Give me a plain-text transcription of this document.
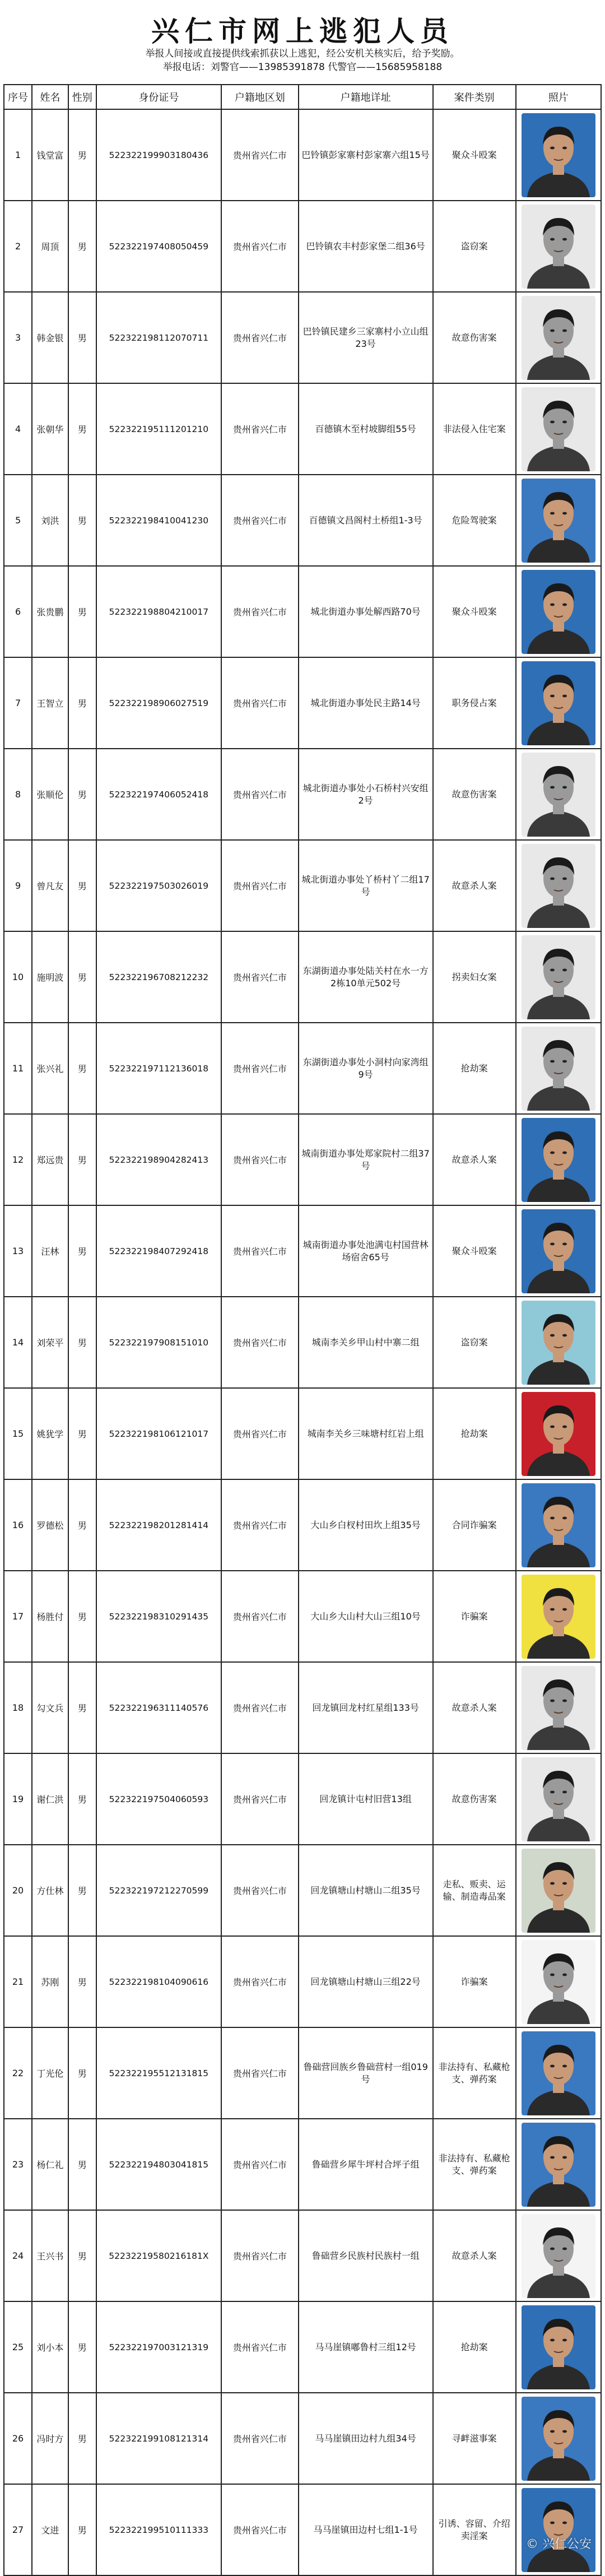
兴仁市网上逃犯人员
举报人间接或直接提供线索抓获以上逃犯，经公安机关核实后，给予奖励。
举报电话：刘警官——13985391878 代警官——15685958188
序号	姓名	性别	身份证号	户籍地区划	户籍地详址	案件类别	照片
1	钱堂富	男	522322199903180436	贵州省兴仁市	巴铃镇彭家寨村彭家寨六组15号	聚众斗殴案	

2	周顶	男	522322197408050459	贵州省兴仁市	巴铃镇农丰村彭家堡二组36号	盗窃案	

3	韩金银	男	522322198112070711	贵州省兴仁市	巴铃镇民建乡三家寨村小立山组23号	故意伤害案	

4	张朝华	男	522322195111201210	贵州省兴仁市	百德镇木至村坡脚组55号	非法侵入住宅案	

5	刘洪	男	522322198410041230	贵州省兴仁市	百德镇文昌阁村土桥组1-3号	危险驾驶案	

6	张贵鹏	男	522322198804210017	贵州省兴仁市	城北街道办事处解西路70号	聚众斗殴案	

7	王智立	男	522322198906027519	贵州省兴仁市	城北街道办事处民主路14号	职务侵占案	

8	张顺伦	男	522322197406052418	贵州省兴仁市	城北街道办事处小石桥村兴安组2号	故意伤害案	

9	曾凡友	男	522322197503026019	贵州省兴仁市	城北街道办事处丫桥村丫二组17号	故意杀人案	

10	施明波	男	522322196708212232	贵州省兴仁市	东湖街道办事处陆关村在水一方2栋10单元502号	拐卖妇女案	

11	张兴礼	男	522322197112136018	贵州省兴仁市	东湖街道办事处小洞村向家湾组9号	抢劫案	

12	郑远贵	男	522322198904282413	贵州省兴仁市	城南街道办事处郑家院村二组37号	故意杀人案	

13	汪林	男	522322198407292418	贵州省兴仁市	城南街道办事处池满屯村国营林场宿舍65号	聚众斗殴案	

14	刘荣平	男	522322197908151010	贵州省兴仁市	城南李关乡甲山村中寨二组	盗窃案	

15	姚犹学	男	522322198106121017	贵州省兴仁市	城南李关乡三味塘村红岩上组	抢劫案	

16	罗德松	男	522322198201281414	贵州省兴仁市	大山乡白杈村田坎上组35号	合同诈骗案	

17	杨胜付	男	522322198310291435	贵州省兴仁市	大山乡大山村大山三组10号	诈骗案	

18	勾文兵	男	522322196311140576	贵州省兴仁市	回龙镇回龙村红星组133号	故意杀人案	

19	谢仁洪	男	522322197504060593	贵州省兴仁市	回龙镇计屯村旧营13组	故意伤害案	

20	方仕林	男	522322197212270599	贵州省兴仁市	回龙镇塘山村塘山二组35号	走私、贩卖、运输、制造毒品案	

21	苏刚	男	522322198104090616	贵州省兴仁市	回龙镇塘山村塘山三组22号	诈骗案	

22	丁光伦	男	522322195512131815	贵州省兴仁市	鲁础营回族乡鲁础营村一组019号	非法持有、私藏枪支、弹药案	

23	杨仁礼	男	522322194803041815	贵州省兴仁市	鲁础营乡犀牛坪村合坪子组	非法持有、私藏枪支、弹药案	

24	王兴书	男	52232219580216181X	贵州省兴仁市	鲁础营乡民族村民族村一组	故意杀人案	

25	刘小本	男	522322197003121319	贵州省兴仁市	马马崖镇嘟鲁村三组12号	抢劫案	

26	冯时方	男	522322199108121314	贵州省兴仁市	马马崖镇田边村九组34号	寻衅滋事案	

27	文进	男	522322199510111333	贵州省兴仁市	马马崖镇田边村七组1-1号	引诱、容留、介绍卖淫案	
© 兴仁公安
